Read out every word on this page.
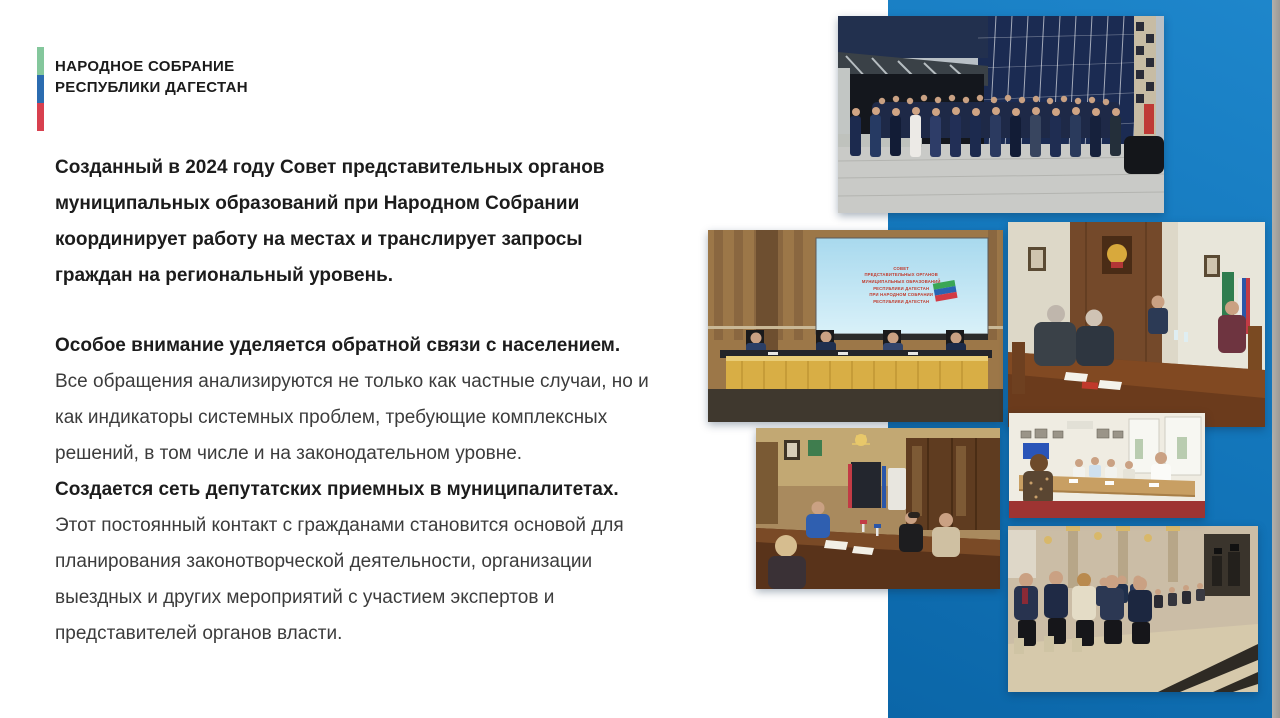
НАРОДНОЕ СОБРАНИЕ
РЕСПУБЛИКИ ДАГЕСТАН

Созданный в 2024 году Совет представительных органов муниципальных образований при Народном Собрании координирует работу на местах и транслирует запросы граждан на региональный уровень.

Особое внимание уделяется обратной связи с населением.
Все обращения анализируются не только как частные случаи, но и как индикаторы системных проблем, требующие комплексных решений, в том числе и на законодательном уровне.

Создается сеть депутатских приемных в муниципалитетах.
Этот постоянный контакт с гражданами становится основой для планирования законотворческой деятельности, организации выездных и других мероприятий с участием экспертов и представителей органов власти.

СОВЕТ
ПРЕДСТАВИТЕЛЬНЫХ ОРГАНОВ
МУНИЦИПАЛЬНЫХ ОБРАЗОВАНИЙ
РЕСПУБЛИКИ ДАГЕСТАН
ПРИ НАРОДНОМ СОБРАНИИ
РЕСПУБЛИКИ ДАГЕСТАН
